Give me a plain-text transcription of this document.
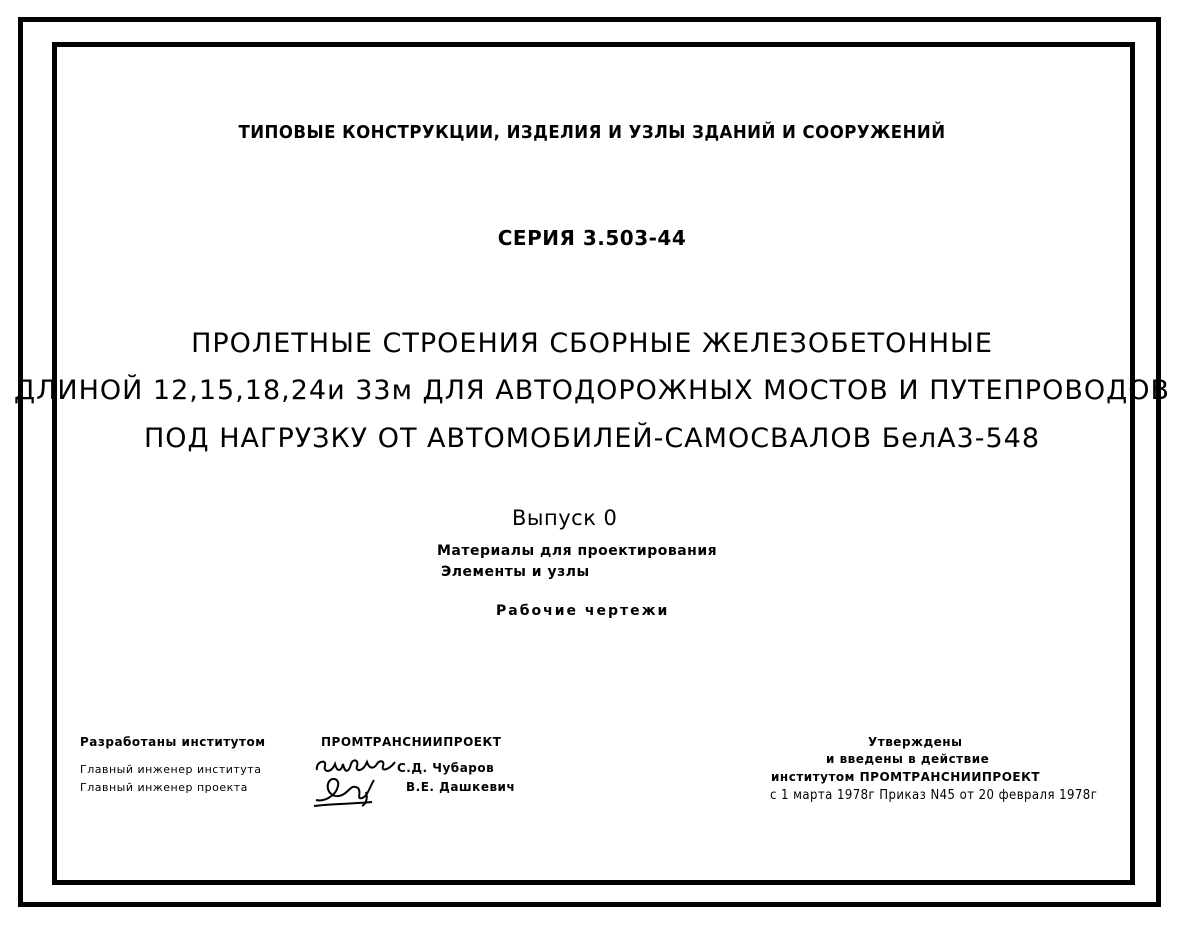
ТИПОВЫЕ КОНСТРУКЦИИ, ИЗДЕЛИЯ И УЗЛЫ ЗДАНИЙ И СООРУЖЕНИЙ
СЕРИЯ 3.503-44
ПРОЛЕТНЫЕ СТРОЕНИЯ СБОРНЫЕ ЖЕЛЕЗОБЕТОННЫЕ
ДЛИНОЙ 12,15,18,24и 33м ДЛЯ АВТОДОРОЖНЫХ МОСТОВ И ПУТЕПРОВОДОВ
ПОД НАГРУЗКУ ОТ АВТОМОБИЛЕЙ-САМОСВАЛОВ БелА3-548
Выпуск 0
Материалы для проектирования
Элементы и узлы
Рабочие чертежи
Разработаны институтом	ПРОМТРАНСНИИПРОЕКТ
Главный инженер института
Главный инженер проекта
С.Д. Чубаров
В.Е. Дашкевич
Утверждены
и введены в действие
институтом ПРОМТРАНСНИИПРОЕКТ
с 1 марта 1978г Приказ N45 от 20 февраля 1978г
